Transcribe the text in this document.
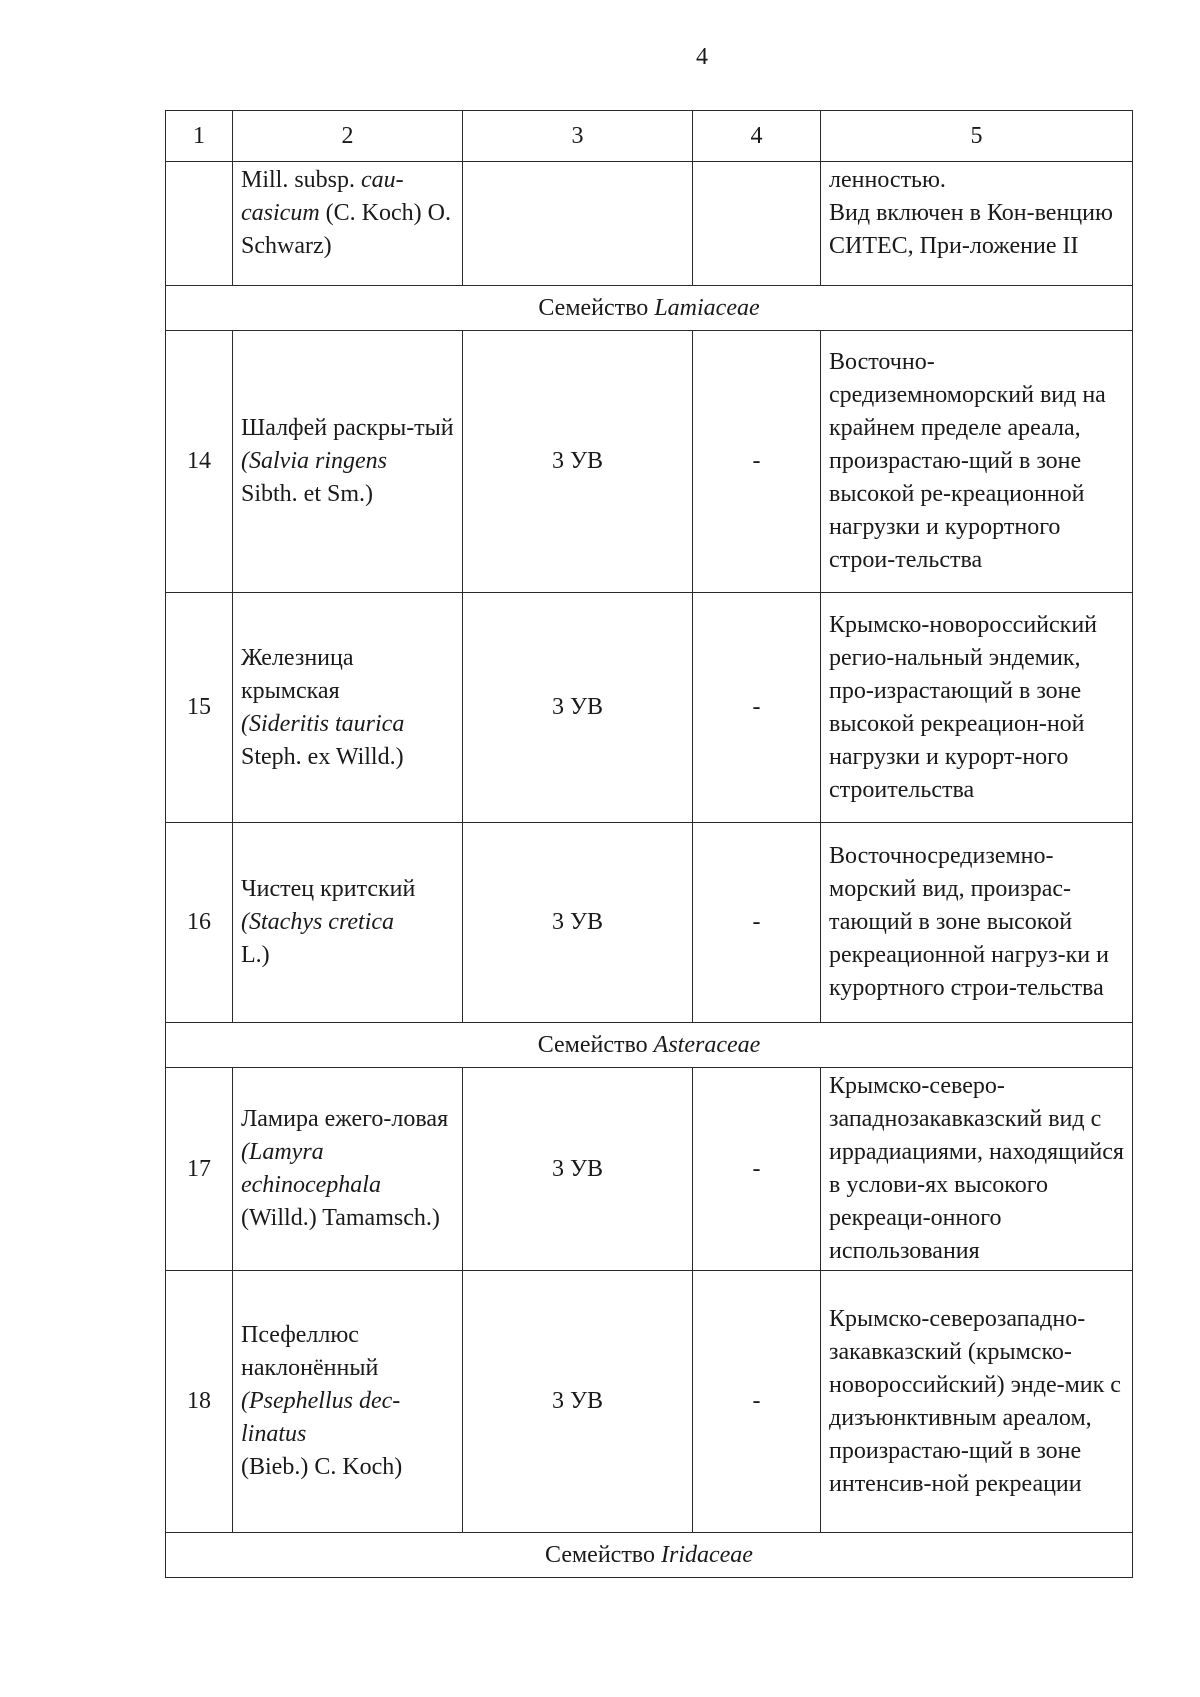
4
1	2	3	4	5
	Mill. subsp. cau-casicum (C. Koch) O. Schwarz)			ленностью.
Вид включен в Кон-венцию СИТЕС, При-ложение II
Семейство Lamiaceae				
14	Шалфей раскры-тый
(Salvia ringens
Sibth. et Sm.)	3 УВ	-	Восточно-средиземноморский вид на крайнем пределе ареала, произрастаю-щий в зоне высокой ре-креационной нагрузки и курортного строи-тельства
15	Железница крымская
(Sideritis taurica
Steph. ex Willd.)	3 УВ	-	Крымско-новороссийский регио-нальный эндемик, про-израстающий в зоне высокой рекреацион-ной нагрузки и курорт-ного строительства
16	Чистец критский
(Stachys cretica
L.)	3 УВ	-	Восточносредиземно-морский вид, произрас-тающий в зоне высокой рекреационной нагруз-ки и курортного строи-тельства
Семейство Asteraceae				
17	Ламира ежего-ловая
(Lamyra echinocephala
(Willd.) Tamamsch.)	3 УВ	-	Крымско-северо-западнозакавказский вид с иррадиациями, находящийся в услови-ях высокого рекреаци-онного использования
18	Псефеллюс наклонённый
(Psephellus dec-linatus
(Bieb.) C. Koch)	3 УВ	-	Крымско-северозападно-закавказский (крымско-новороссийский) энде-мик с дизъюнктивным ареалом, произрастаю-щий в зоне интенсив-ной рекреации
Семейство Iridaceae				
